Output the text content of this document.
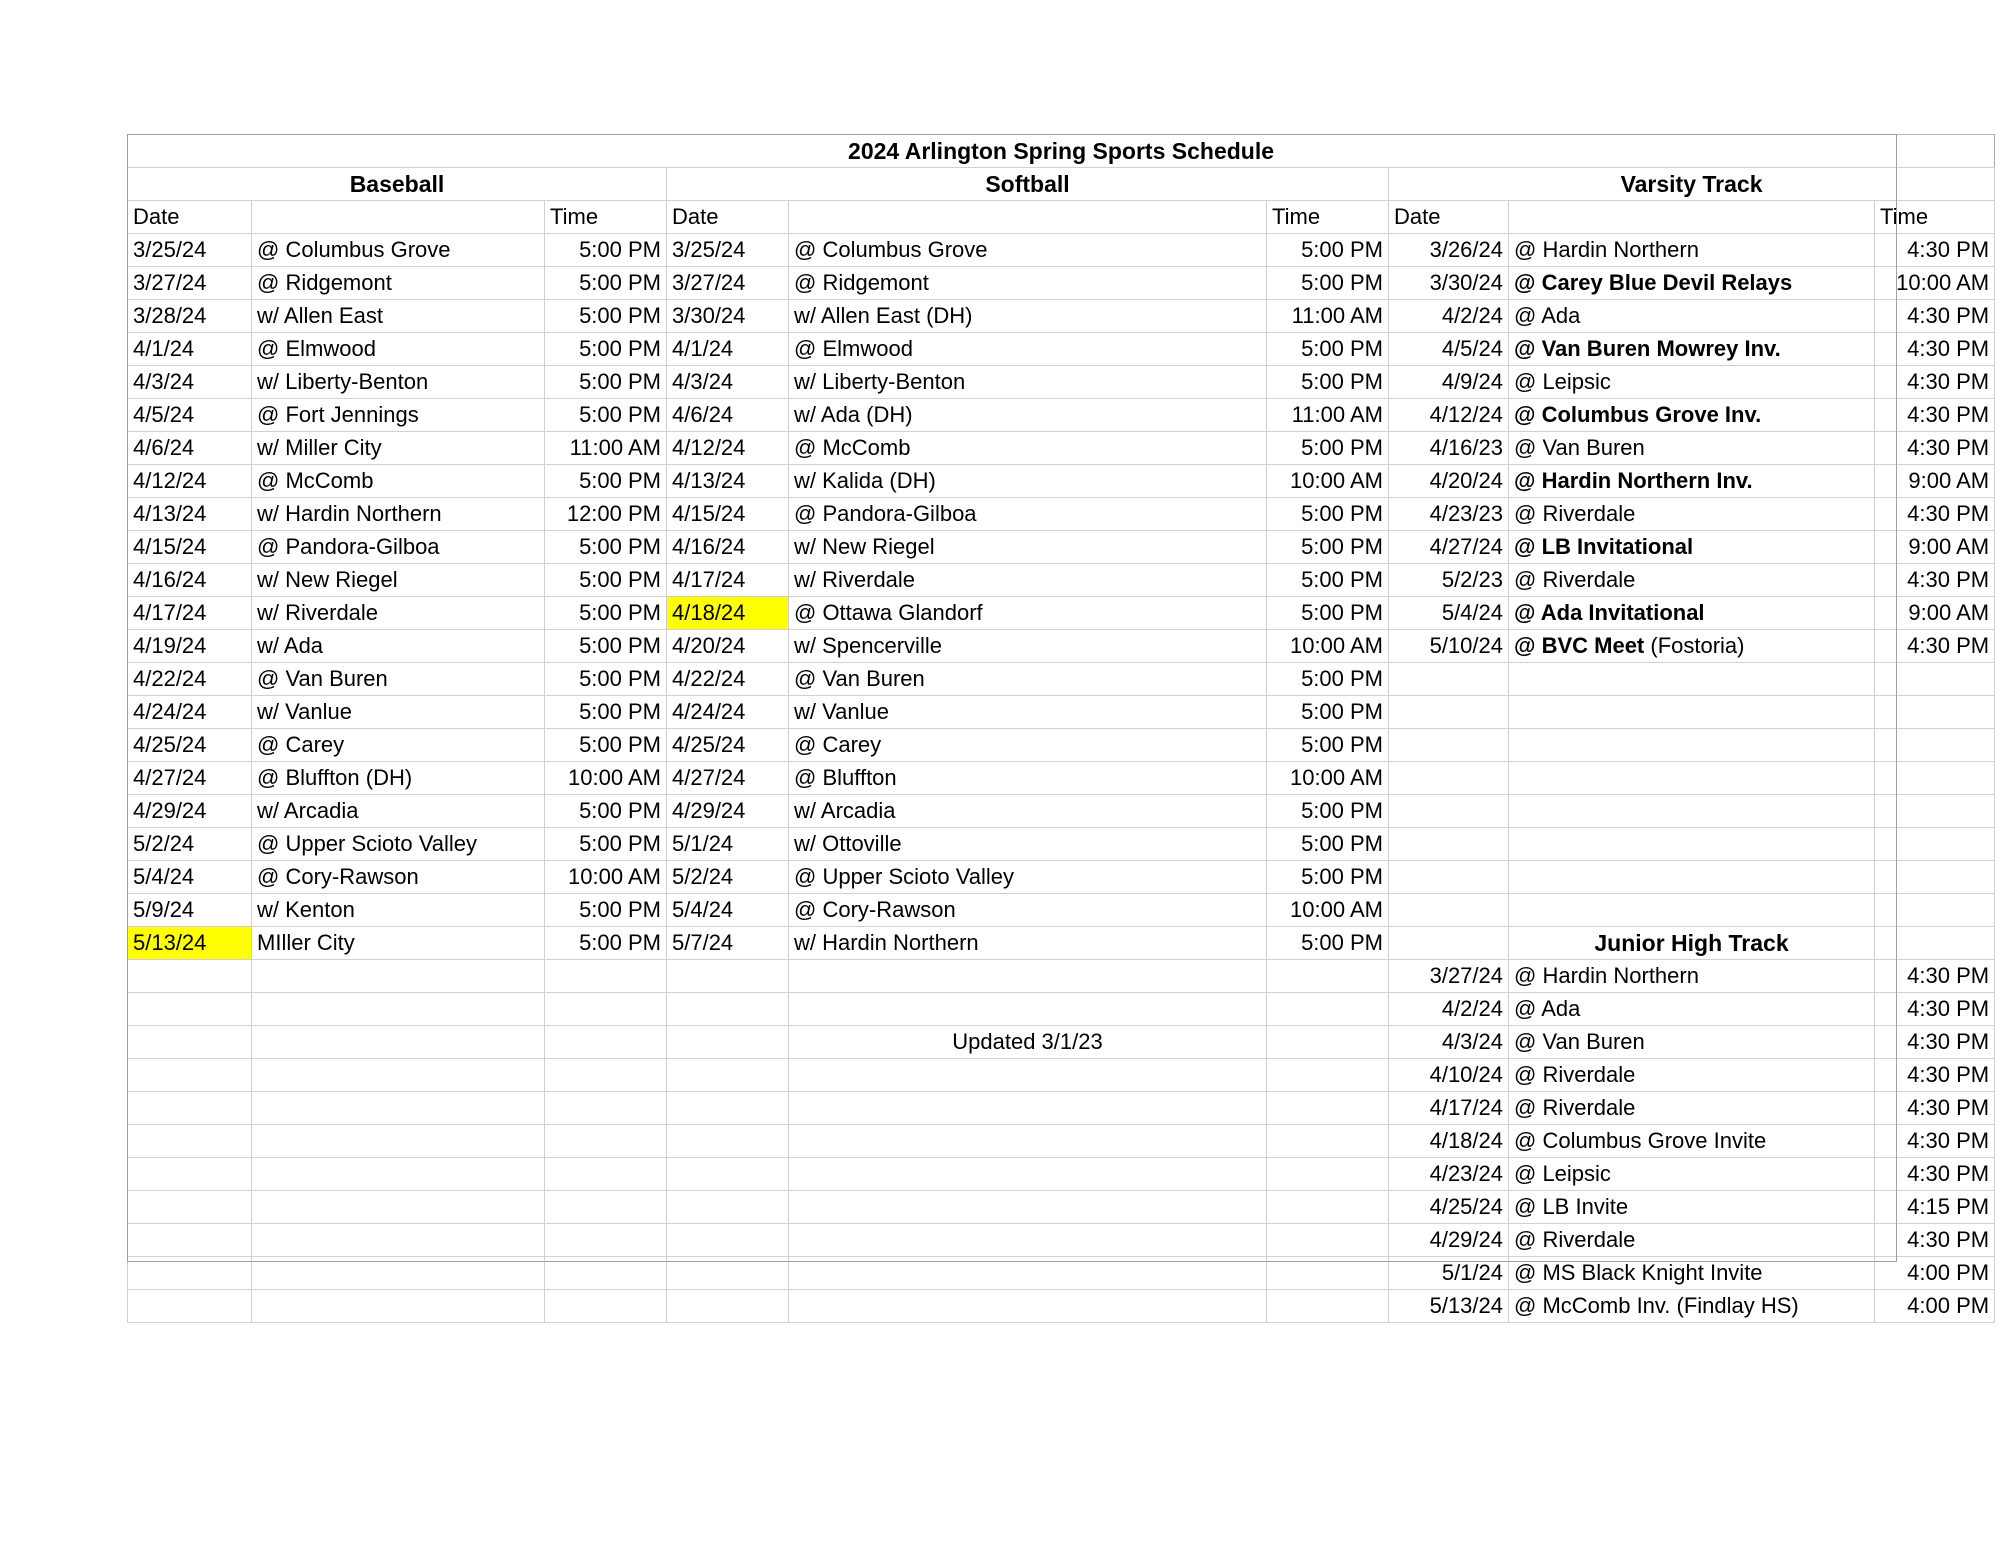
2024 Arlington Spring Sports Schedule								
Baseball			Softball			Varsity Track		
Date		Time	Date		Time	Date		Time
3/25/24	@ Columbus Grove	5:00 PM	3/25/24	@ Columbus Grove	5:00 PM	3/26/24	@ Hardin Northern	4:30 PM
3/27/24	@ Ridgemont	5:00 PM	3/27/24	@ Ridgemont	5:00 PM	3/30/24	@ Carey Blue Devil Relays	10:00 AM
3/28/24	w/ Allen East	5:00 PM	3/30/24	w/ Allen East (DH)	11:00 AM	4/2/24	@ Ada	4:30 PM
4/1/24	@ Elmwood	5:00 PM	4/1/24	@ Elmwood	5:00 PM	4/5/24	@ Van Buren Mowrey Inv.	4:30 PM
4/3/24	w/ Liberty-Benton	5:00 PM	4/3/24	w/ Liberty-Benton	5:00 PM	4/9/24	@ Leipsic	4:30 PM
4/5/24	@ Fort Jennings	5:00 PM	4/6/24	w/ Ada (DH)	11:00 AM	4/12/24	@ Columbus Grove Inv.	4:30 PM
4/6/24	w/ Miller City	11:00 AM	4/12/24	@ McComb	5:00 PM	4/16/23	@ Van Buren	4:30 PM
4/12/24	@ McComb	5:00 PM	4/13/24	w/ Kalida (DH)	10:00 AM	4/20/24	@ Hardin Northern Inv.	9:00 AM
4/13/24	w/ Hardin Northern	12:00 PM	4/15/24	@ Pandora-Gilboa	5:00 PM	4/23/23	@ Riverdale	4:30 PM
4/15/24	@ Pandora-Gilboa	5:00 PM	4/16/24	w/ New Riegel	5:00 PM	4/27/24	@ LB Invitational	9:00 AM
4/16/24	w/ New Riegel	5:00 PM	4/17/24	w/ Riverdale	5:00 PM	5/2/23	@ Riverdale	4:30 PM
4/17/24	w/ Riverdale	5:00 PM	4/18/24	@ Ottawa Glandorf	5:00 PM	5/4/24	@ Ada Invitational	9:00 AM
4/19/24	w/ Ada	5:00 PM	4/20/24	w/ Spencerville	10:00 AM	5/10/24	@ BVC Meet (Fostoria)	4:30 PM
4/22/24	@ Van Buren	5:00 PM	4/22/24	@ Van Buren	5:00 PM			
4/24/24	w/ Vanlue	5:00 PM	4/24/24	w/ Vanlue	5:00 PM			
4/25/24	@ Carey	5:00 PM	4/25/24	@ Carey	5:00 PM			
4/27/24	@ Bluffton (DH)	10:00 AM	4/27/24	@ Bluffton	10:00 AM			
4/29/24	w/ Arcadia	5:00 PM	4/29/24	w/ Arcadia	5:00 PM			
5/2/24	@ Upper Scioto Valley	5:00 PM	5/1/24	w/ Ottoville	5:00 PM			
5/4/24	@ Cory-Rawson	10:00 AM	5/2/24	@ Upper Scioto Valley	5:00 PM			
5/9/24	w/ Kenton	5:00 PM	5/4/24	@ Cory-Rawson	10:00 AM			
5/13/24	MIller City	5:00 PM	5/7/24	w/ Hardin Northern	5:00 PM		Junior High Track	
						3/27/24	@ Hardin Northern	4:30 PM
						4/2/24	@ Ada	4:30 PM
				Updated 3/1/23		4/3/24	@ Van Buren	4:30 PM
						4/10/24	@ Riverdale	4:30 PM
						4/17/24	@ Riverdale	4:30 PM
						4/18/24	@ Columbus Grove Invite	4:30 PM
						4/23/24	@ Leipsic	4:30 PM
						4/25/24	@ LB Invite	4:15 PM
						4/29/24	@ Riverdale	4:30 PM
						5/1/24	@ MS Black Knight Invite	4:00 PM
						5/13/24	@ McComb Inv. (Findlay HS)	4:00 PM
